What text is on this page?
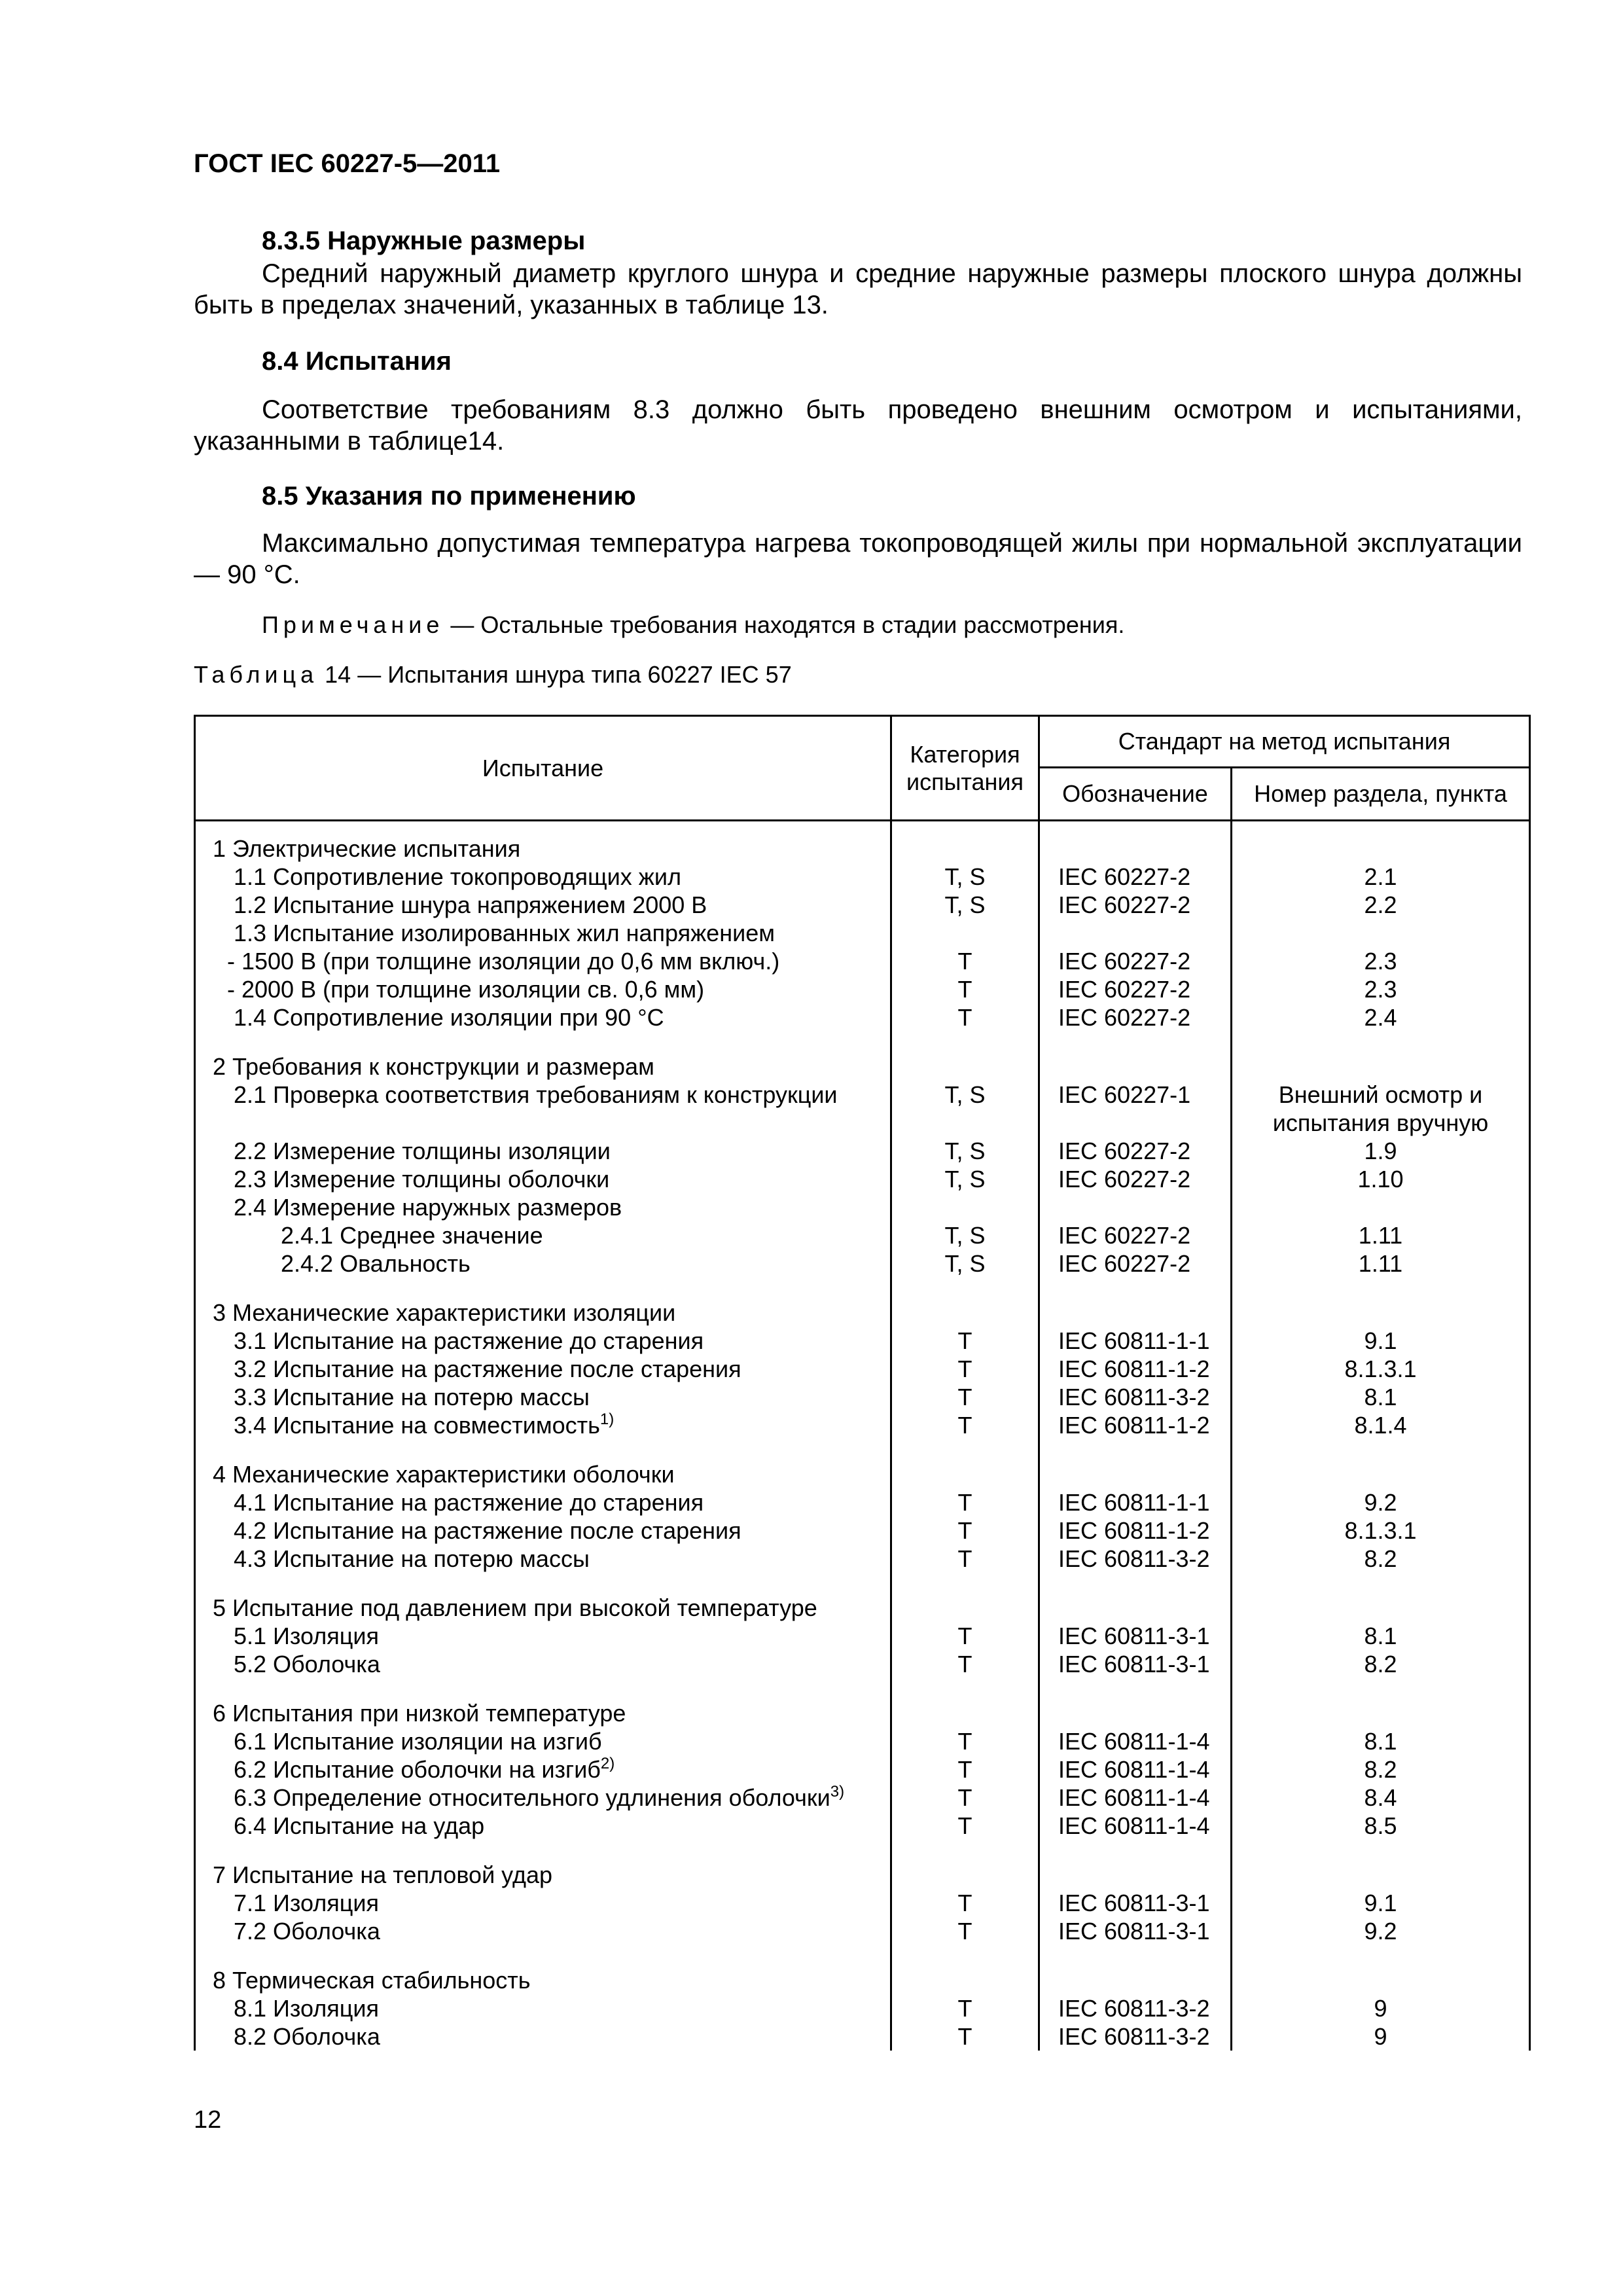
ГОСТ IEC 60227-5—2011
8.3.5 Наружные размеры
Средний наружный диаметр круглого шнура и средние наружные размеры плоского шнура должны быть в пределах значений, указанных в таблице 13.
8.4 Испытания
Соответствие требованиям 8.3 должно быть проведено внешним осмотром и испытаниями, указанными в таблице14.
8.5 Указания по применению
Максимально допустимая температура нагрева токопроводящей жилы при нормальной эксплуатации — 90 °C.
Примечание — Остальные требования находятся в стадии рассмотрения.
Таблица 14 — Испытания шнура типа 60227 IEC 57
Испытание	Категория испытания	Стандарт на метод испытания	
		Обозначение	Номер раздела, пункта

1 Электрические испытания			
1.1 Сопротивление токопроводящих жил	T, S	IEC 60227-2	2.1
1.2 Испытание шнура напряжением 2000 В	T, S	IEC 60227-2	2.2
1.3 Испытание изолированных жил напряжением			
- 1500 В (при толщине изоляции до 0,6 мм включ.)	T	IEC 60227-2	2.3
- 2000 В (при толщине изоляции св. 0,6 мм)	T	IEC 60227-2	2.3
1.4 Сопротивление изоляции при 90 °C	T	IEC 60227-2	2.4

2 Требования к конструкции и размерам			
2.1 Проверка соответствия требованиям к конструкции	T, S	IEC 60227-1	Внешний осмотр и испытания вручную
2.2 Измерение толщины изоляции	T, S	IEC 60227-2	1.9
2.3 Измерение толщины оболочки	T, S	IEC 60227-2	1.10
2.4 Измерение наружных размеров			
2.4.1 Среднее значение	T, S	IEC 60227-2	1.11
2.4.2 Овальность	T, S	IEC 60227-2	1.11

3 Механические характеристики изоляции			
3.1 Испытание на растяжение до старения	T	IEC 60811-1-1	9.1
3.2 Испытание на растяжение после старения	T	IEC 60811-1-2	8.1.3.1
3.3 Испытание на потерю массы	T	IEC 60811-3-2	8.1
3.4 Испытание на совместимость$^{1)}$	T	IEC 60811-1-2	8.1.4

4 Механические характеристики оболочки			
4.1 Испытание на растяжение до старения	T	IEC 60811-1-1	9.2
4.2 Испытание на растяжение после старения	T	IEC 60811-1-2	8.1.3.1
4.3 Испытание на потерю массы	T	IEC 60811-3-2	8.2

5 Испытание под давлением при высокой температуре			
5.1 Изоляция	T	IEC 60811-3-1	8.1
5.2 Оболочка	T	IEC 60811-3-1	8.2

6 Испытания при низкой температуре			
6.1 Испытание изоляции на изгиб	T	IEC 60811-1-4	8.1
6.2 Испытание оболочки на изгиб$^{2)}$	T	IEC 60811-1-4	8.2
6.3 Определение относительного удлинения оболочки$^{3)}$	T	IEC 60811-1-4	8.4
6.4 Испытание на удар	T	IEC 60811-1-4	8.5

7 Испытание на тепловой удар			
7.1 Изоляция	T	IEC 60811-3-1	9.1
7.2 Оболочка	T	IEC 60811-3-1	9.2

8 Термическая стабильность			
8.1 Изоляция	T	IEC 60811-3-2	9
8.2 Оболочка	T	IEC 60811-3-2	9
12
